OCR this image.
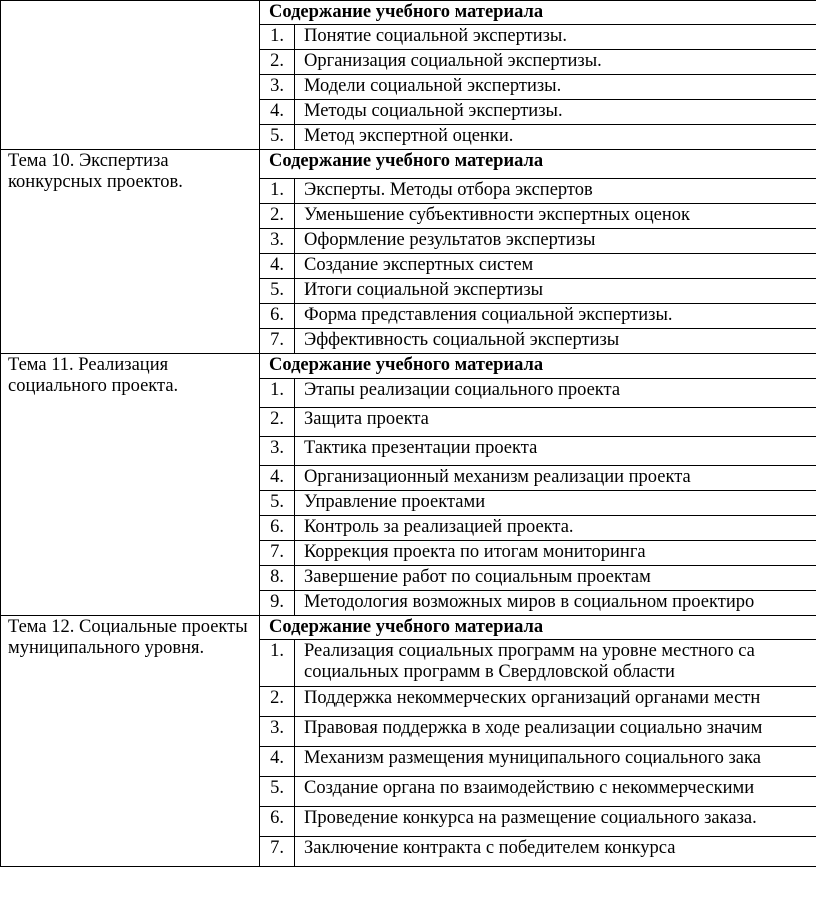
	Содержание учебного материала	
	1.	Понятие социальной экспертизы.
	2.	Организация социальной экспертизы.
	3.	Модели социальной экспертизы.
	4.	Методы социальной экспертизы.
	5.	Метод экспертной оценки.
Тема 10. Экспертиза конкурсных проектов.	Содержание учебного материала	
	1.	Эксперты. Методы отбора экспертов
	2.	Уменьшение субъективности экспертных оценок
	3.	Оформление результатов экспертизы
	4.	Создание экспертных систем
	5.	Итоги социальной экспертизы
	6.	Форма представления социальной экспертизы.
	7.	Эффективность социальной экспертизы
Тема 11. Реализация социального проекта.	Содержание учебного материала	
	1.	Этапы реализации социального проекта
	2.	Защита проекта
	3.	Тактика презентации проекта
	4.	Организационный механизм реализации проекта
	5.	Управление проектами
	6.	Контроль за реализацией проекта.
	7.	Коррекция проекта по итогам мониторинга
	8.	Завершение работ по социальным проектам
	9.	Методология возможных миров в социальном проектиро
Тема 12. Социальные проекты муниципального уровня.	Содержание учебного материала	
	1.	Реализация социальных программ на уровне местного са
социальных программ в Свердловской области

	2.	Поддержка некоммерческих организаций органами местн
	3.	Правовая поддержка в ходе реализации социально значим
	4.	Механизм размещения муниципального социального зака
	5.	Создание органа по взаимодействию с некоммерческими
	6.	Проведение конкурса на размещение социального заказа.
	7.	Заключение контракта с победителем конкурса
